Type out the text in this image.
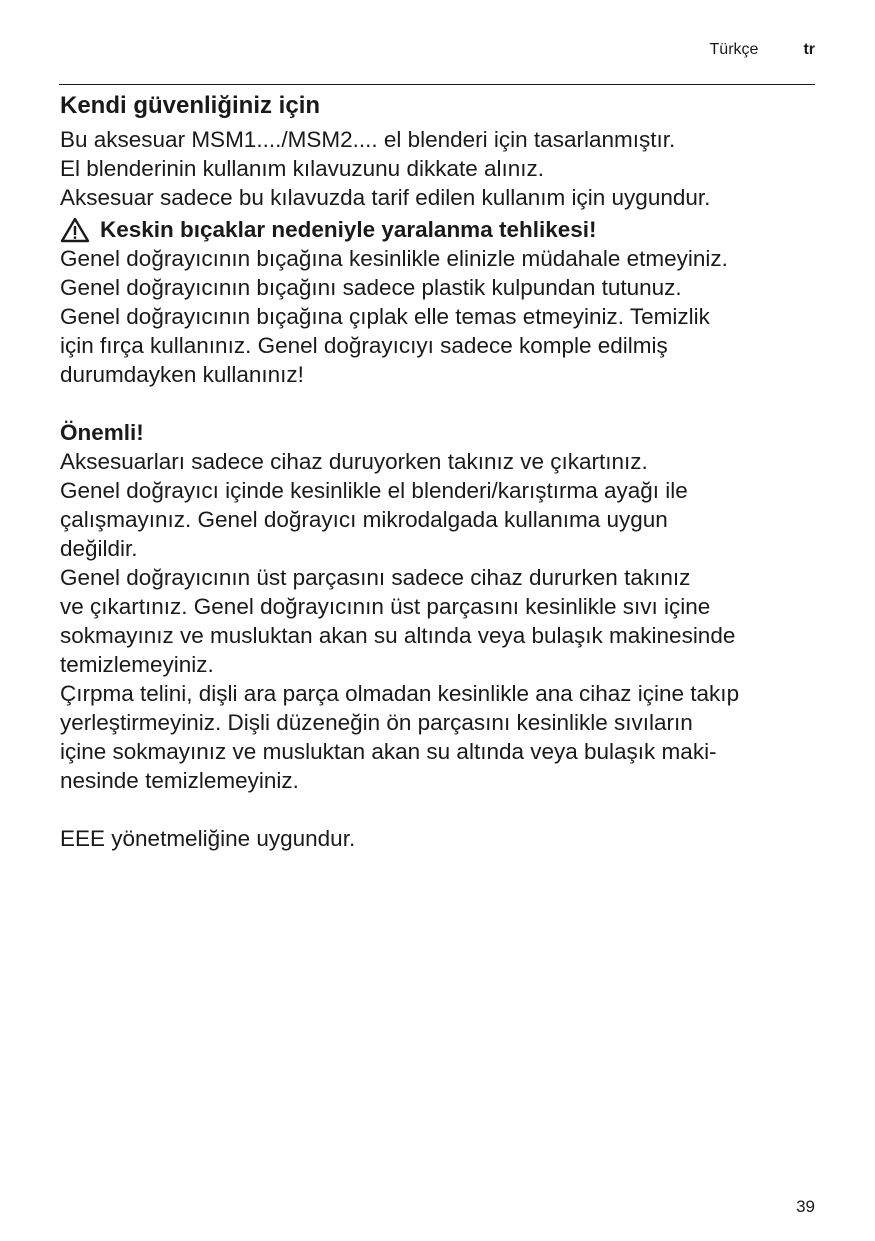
Türkçe	tr
Kendi güvenliğiniz için

Bu aksesuar MSM1..../MSM2.... el blenderi için tasarlanmıştır.

El blenderinin kullanım kılavuzunu dikkate alınız.

Aksesuar sadece bu kılavuzda tarif edilen kullanım için uygundur.

Keskin bıçaklar nedeniyle yaralanma tehlikesi!

Genel doğrayıcının bıçağına kesinlikle elinizle müdahale etmeyiniz.

Genel doğrayıcının bıçağını sadece plastik kulpundan tutunuz.

Genel doğrayıcının bıçağına çıplak elle temas etmeyiniz. Temizlik

için fırça kullanınız. Genel doğrayıcıyı sadece komple edilmiş

durumdayken kullanınız!

Önemli!

Aksesuarları sadece cihaz duruyorken takınız ve çıkartınız.

Genel doğrayıcı içinde kesinlikle el blenderi/karıştırma ayağı ile

çalışmayınız. Genel doğrayıcı mikrodalgada kullanıma uygun

değildir.

Genel doğrayıcının üst parçasını sadece cihaz dururken takınız

ve çıkartınız. Genel doğrayıcının üst parçasını kesinlikle sıvı içine

sokmayınız ve musluktan akan su altında veya bulaşık makinesinde

temizlemeyiniz.

Çırpma telini, dişli ara parça olmadan kesinlikle ana cihaz içine takıp

yerleştirmeyiniz. Dişli düzeneğin ön parçasını kesinlikle sıvıların

içine sokmayınız ve musluktan akan su altında veya bulaşık maki-

nesinde temizlemeyiniz.

EEE yönetmeliğine uygundur.

39
